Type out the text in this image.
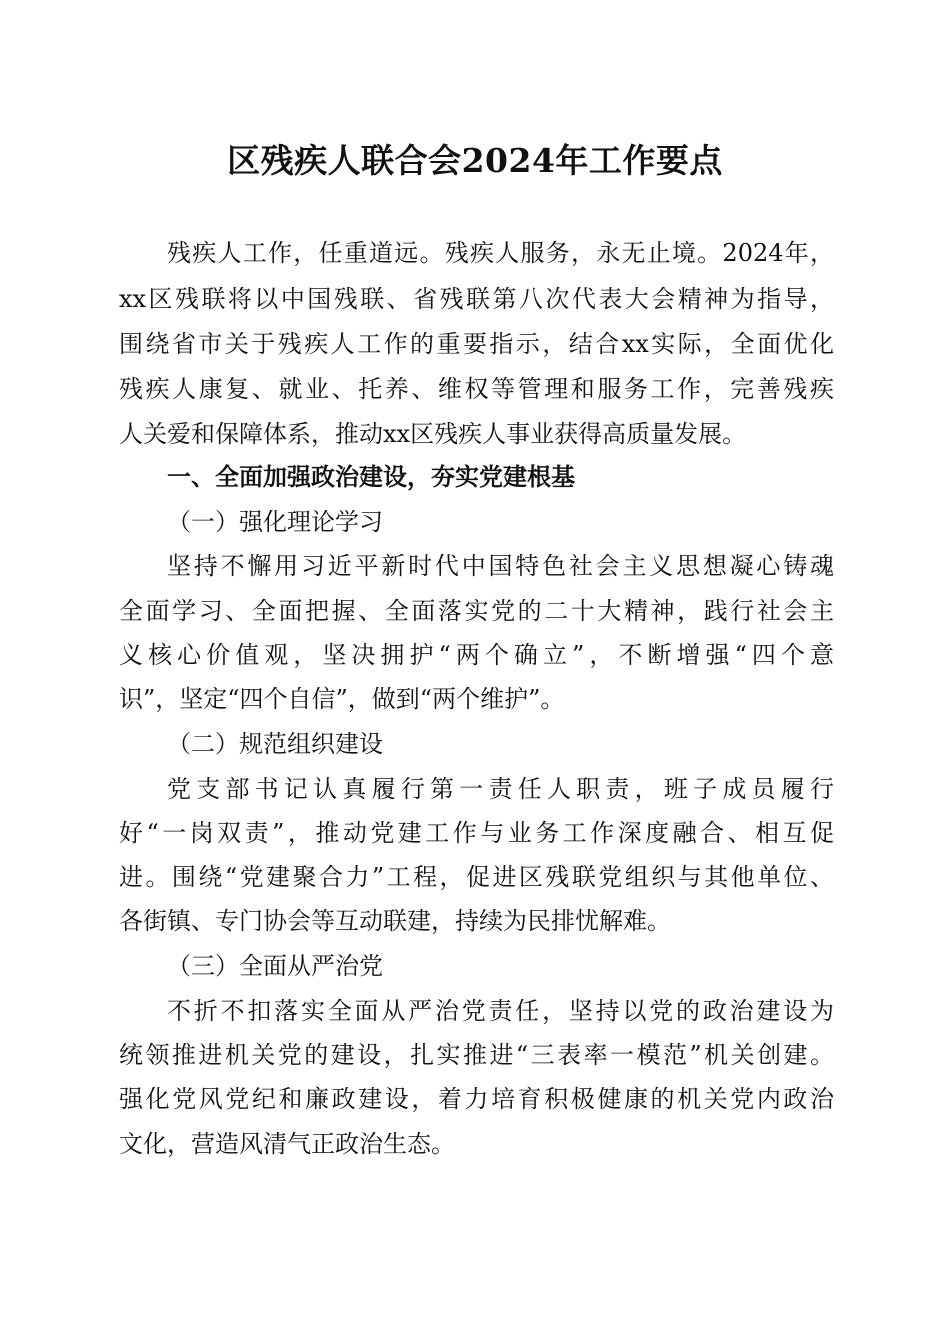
区残疾人联合会2024年工作要点
残疾人工作，任重道远。残疾人服务，永无止境。2024年，
xx区残联将以中国残联、省残联第八次代表大会精神为指导，
围绕省市关于残疾人工作的重要指示，结合xx实际，全面优化
残疾人康复、就业、托养、维权等管理和服务工作，完善残疾
人关爱和保障体系，推动xx区残疾人事业获得高质量发展。
一、全面加强政治建设，夯实党建根基
（一）强化理论学习
坚持不懈用习近平新时代中国特色社会主义思想凝心铸魂
全面学习、全面把握、全面落实党的二十大精神，践行社会主
义核心价值观，坚决拥护“两个确立”，不断增强“四个意
识”，坚定“四个自信”，做到“两个维护”。
（二）规范组织建设
党支部书记认真履行第一责任人职责，班子成员履行
好“一岗双责”，推动党建工作与业务工作深度融合、相互促
进。围绕“党建聚合力”工程，促进区残联党组织与其他单位、
各街镇、专门协会等互动联建，持续为民排忧解难。
（三）全面从严治党
不折不扣落实全面从严治党责任，坚持以党的政治建设为
统领推进机关党的建设，扎实推进“三表率一模范”机关创建。
强化党风党纪和廉政建设，着力培育积极健康的机关党内政治
文化，营造风清气正政治生态。
